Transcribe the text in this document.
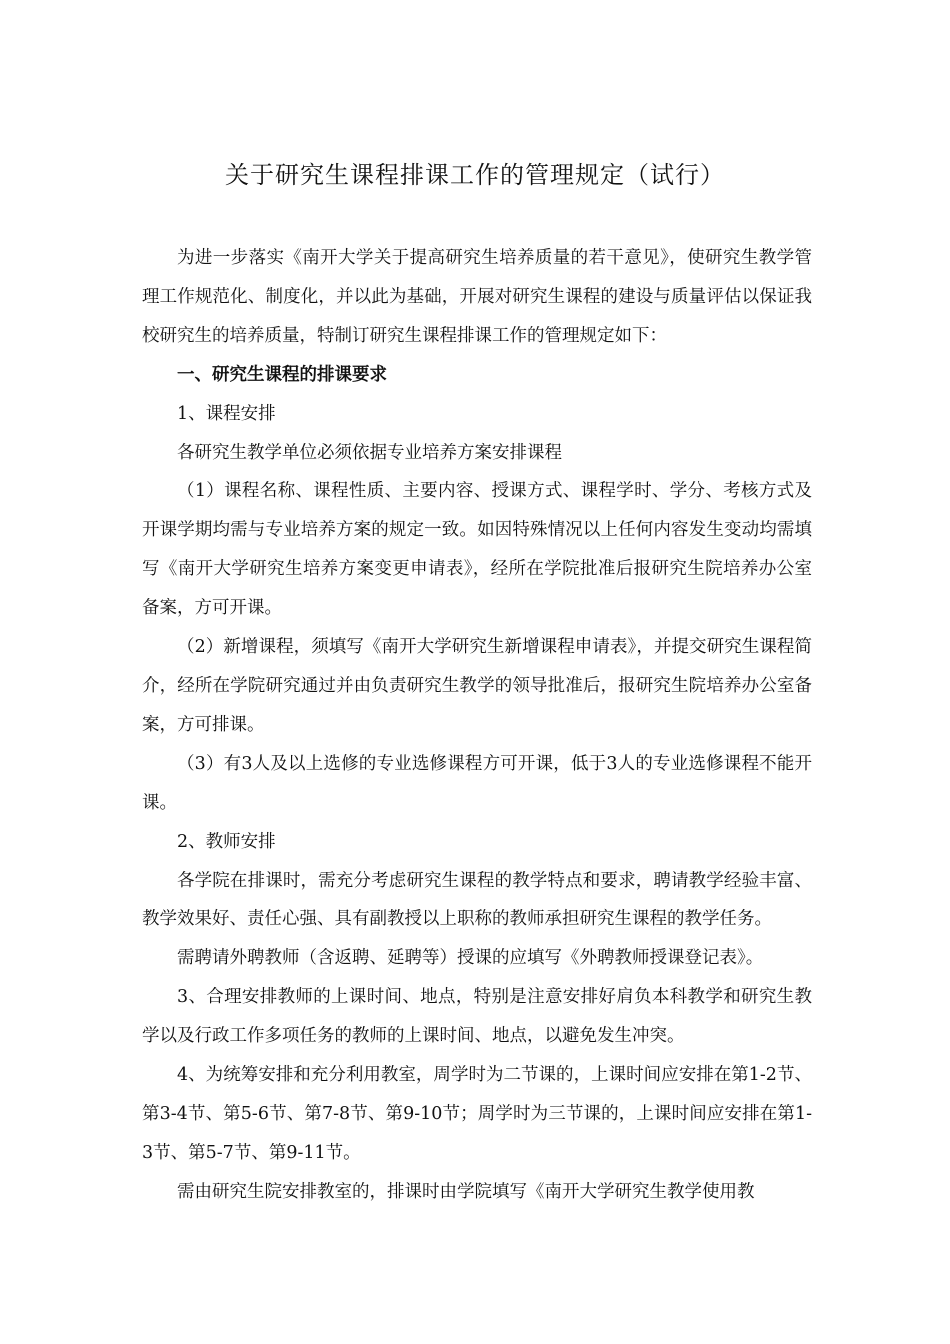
关于研究生课程排课工作的管理规定（试行）

为进一步落实《南开大学关于提高研究生培养质量的若干意见》，使研究生教学管理工作规范化、制度化，并以此为基础，开展对研究生课程的建设与质量评估以保证我校研究生的培养质量，特制订研究生课程排课工作的管理规定如下：

一、研究生课程的排课要求

1、课程安排

各研究生教学单位必须依据专业培养方案安排课程

（1）课程名称、课程性质、主要内容、授课方式、课程学时、学分、考核方式及开课学期均需与专业培养方案的规定一致。如因特殊情况以上任何内容发生变动均需填写《南开大学研究生培养方案变更申请表》，经所在学院批准后报研究生院培养办公室备案，方可开课。

（2）新增课程，须填写《南开大学研究生新增课程申请表》，并提交研究生课程简介，经所在学院研究通过并由负责研究生教学的领导批准后，报研究生院培养办公室备案，方可排课。

（3）有3人及以上选修的专业选修课程方可开课，低于3人的专业选修课程不能开课。

2、教师安排

各学院在排课时，需充分考虑研究生课程的教学特点和要求，聘请教学经验丰富、教学效果好、责任心强、具有副教授以上职称的教师承担研究生课程的教学任务。

需聘请外聘教师（含返聘、延聘等）授课的应填写《外聘教师授课登记表》。

3、合理安排教师的上课时间、地点，特别是注意安排好肩负本科教学和研究生教学以及行政工作多项任务的教师的上课时间、地点，以避免发生冲突。

4、为统筹安排和充分利用教室，周学时为二节课的，上课时间应安排在第1-2节、第3-4节、第5-6节、第7-8节、第9-10节；周学时为三节课的，上课时间应安排在第1-3节、第5-7节、第9-11节。

需由研究生院安排教室的，排课时由学院填写《南开大学研究生教学使用教
